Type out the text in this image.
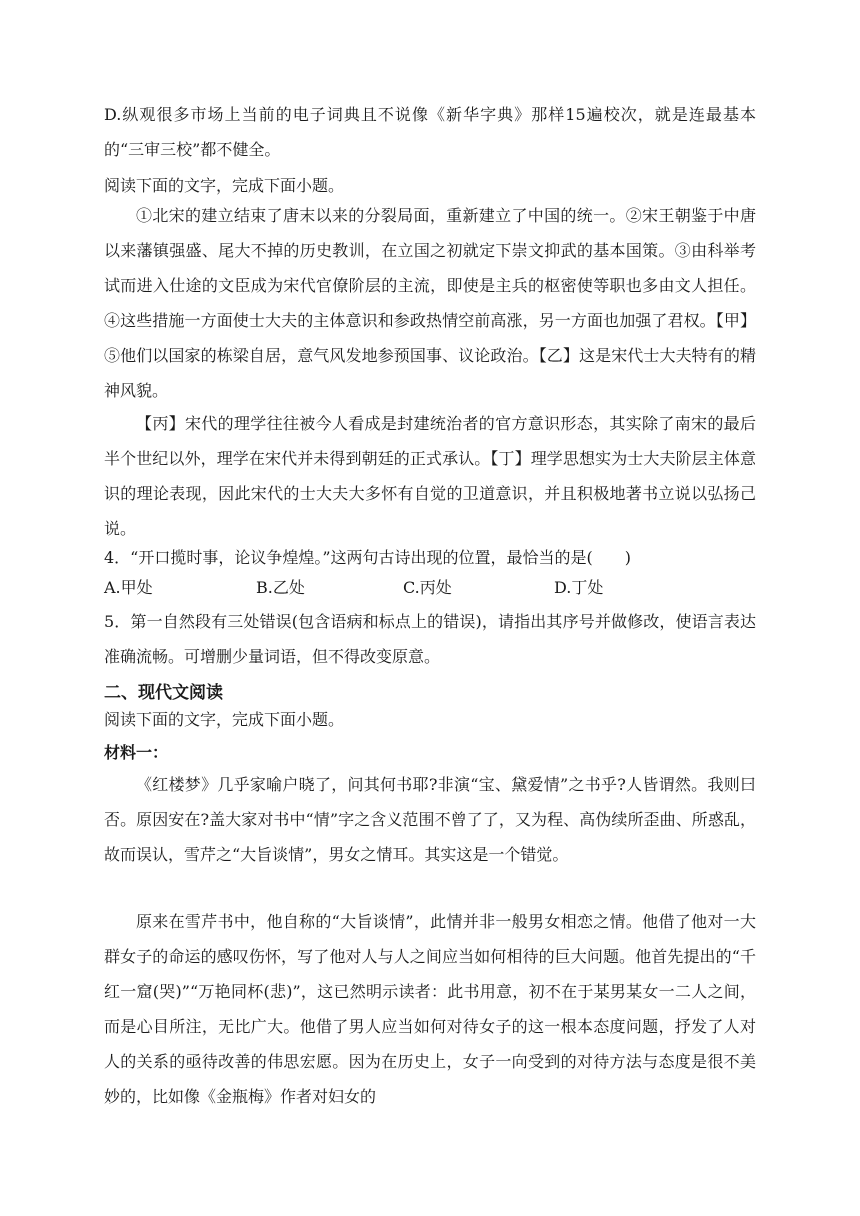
D.纵观很多市场上当前的电子词典且不说像《新华字典》那样15遍校次，就是连最基本的“三审三校”都不健全。

阅读下面的文字，完成下面小题。

①北宋的建立结束了唐末以来的分裂局面，重新建立了中国的统一。②宋王朝鉴于中唐以来藩镇强盛、尾大不掉的历史教训，在立国之初就定下崇文抑武的基本国策。③由科举考试而进入仕途的文臣成为宋代官僚阶层的主流，即使是主兵的枢密使等职也多由文人担任。④这些措施一方面使士大夫的主体意识和参政热情空前高涨，另一方面也加强了君权。【甲】⑤他们以国家的栋梁自居，意气风发地参预国事、议论政治。【乙】这是宋代士大夫特有的精神风貌。

【丙】宋代的理学往往被今人看成是封建统治者的官方意识形态，其实除了南宋的最后半个世纪以外，理学在宋代并未得到朝廷的正式承认。【丁】理学思想实为士大夫阶层主体意识的理论表现，因此宋代的士大夫大多怀有自觉的卫道意识，并且积极地著书立说以弘扬己说。

4．“开口揽时事，论议争煌煌。”这两句古诗出现的位置，最恰当的是(　　)

A.甲处	B.乙处	C.丙处	D.丁处

5．第一自然段有三处错误(包含语病和标点上的错误)，请指出其序号并做修改，使语言表达准确流畅。可增删少量词语，但不得改变原意。

二、现代文阅读

阅读下面的文字，完成下面小题。

材料一：

《红楼梦》几乎家喻户晓了，问其何书耶?非演“宝、黛爱情”之书乎?人皆谓然。我则曰否。原因安在?盖大家对书中“情”字之含义范围不曾了了，又为程、高伪续所歪曲、所惑乱，故而误认，雪芹之“大旨谈情”，男女之情耳。其实这是一个错觉。

原来在雪芹书中，他自称的“大旨谈情”，此情并非一般男女相恋之情。他借了他对一大群女子的命运的感叹伤怀，写了他对人与人之间应当如何相待的巨大问题。他首先提出的“千红一窟(哭)”“万艳同杯(悲)”，这已然明示读者：此书用意，初不在于某男某女一二人之间，而是心目所注，无比广大。他借了男人应当如何对待女子的这一根本态度问题，抒发了人对人的关系的亟待改善的伟思宏愿。因为在历史上，女子一向受到的对待方法与态度是很不美妙的，比如像《金瓶梅》作者对妇女的
